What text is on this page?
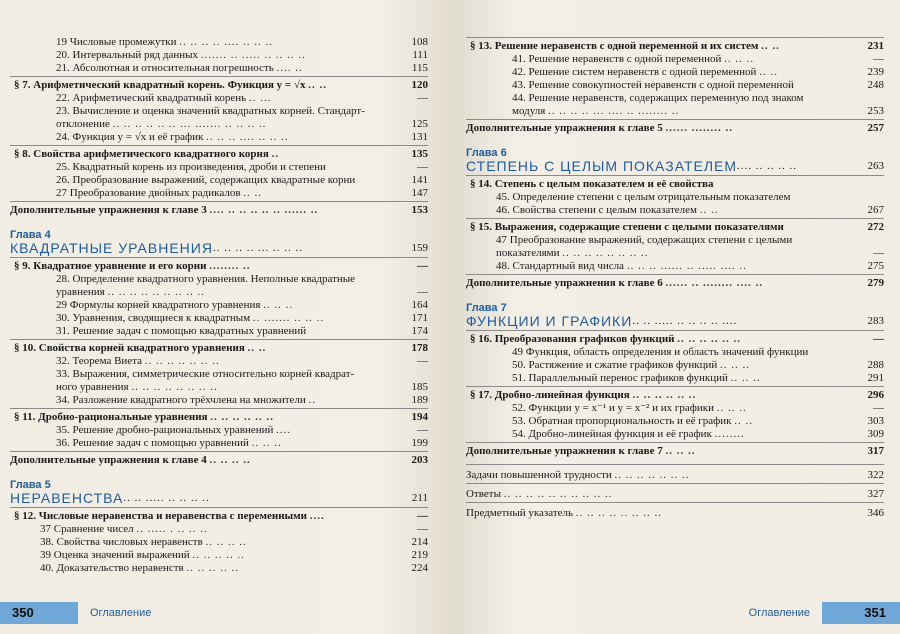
19 Числовые промежутки .. .. .. .. .... .. .. ..	108
20. Интервальный ряд данных ....... .. ..... .. .. .. ..	111
21. Абсолютная и относительная погрешность .... ..	115
§ 7. Арифметический квадратный корень. Функция y = √x .. ..	120
22. Арифметический квадратный корень .. ...	—
23. Вычисление и оценка значений квадратных корней. Стандарт-
отклонение .. .. .. .. .. .. ... ....... .. .. .. ..	125
24. Функция y = √x и её график .. .. .. .... .. .. ..	131
§ 8. Свойства арифметического квадратного корня ..	135
25. Квадратный корень из произведения, дроби и степени	—
26. Преобразование выражений, содержащих квадратные корни	141
27 Преобразование двойных радикалов .. ..	147
Дополнительные упражнения к главе 3 .... .. .. .. .. .. ...... ..	153
Глава 4
КВАДРАТНЫЕ УРАВНЕНИЯ .. .. .. .. ... .. .. ..	159
§ 9. Квадратное уравнение и его корни ........ ..	—
28. Определение квадратного уравнения. Неполные квадратные
уравнения .. .. .. .. .. .. .. .. ..	—
29 Формулы корней квадратного уравнения .. .. ..	164
30. Уравнения, сводящиеся к квадратным .. ....... .. .. ..	171
31. Решение задач с помощью квадратных уравнений	174
§ 10. Свойства корней квадратного уравнения .. ..	178
32. Теорема Виета .. .. .. .. .. .. ..	—
33. Выражения, симметрические относительно корней квадрат-
ного уравнения .. .. .. .. .. .. .. ..	185
34. Разложение квадратного трёхчлена на множители ..	189
§ 11. Дробно-рациональные уравнения .. .. .. .. .. ..	194
35. Решение дробно-рациональных уравнений ....	—
36. Решение задач с помощью уравнений .. .. ..	199
Дополнительные упражнения к главе 4 .. .. .. ..	203
Глава 5
НЕРАВЕНСТВА .. .. ..... .. .. .. ..	211
§ 12. Числовые неравенства и неравенства с переменными ....	—
37 Сравнение чисел .. ..... . .. .. ..	—
38. Свойства числовых неравенств .. .. .. ..	214
39 Оценка значений выражений .. .. .. .. ..	219
40. Доказательство неравенств .. .. .. .. ..	224
350	Оглавление
§ 13. Решение неравенств с одной переменной и их систем .. ..	231
41. Решение неравенств с одной переменной .. .. ..	—
42. Решение систем неравенств с одной переменной .. ..	239
43. Решение совокупностей неравенств с одной переменной	248
44. Решение неравенств, содержащих переменную под знаком
модуля .. .. .. .. ... .... .. ........ ..	253
Дополнительные упражнения к главе 5 ...... ........ ..	257
Глава 6
СТЕПЕНЬ С ЦЕЛЫМ ПОКАЗАТЕЛЕМ .... .. .. .. ..	263
§ 14. Степень с целым показателем и её свойства
45. Определение степени с целым отрицательным показателем
46. Свойства степени с целым показателем .. ..	267
§ 15. Выражения, содержащие степени с целыми показателями	272
47 Преобразование выражений, содержащих степени с целыми
показателями .. .. .. .. .. .. .. ..	—
48. Стандартный вид числа .. .. .. ...... .. ..... .... ..	275
Дополнительные упражнения к главе 6 ...... .. ........ .... ..	279
Глава 7
ФУНКЦИИ И ГРАФИКИ .. .. ..... .. .. .. .. ....	283
§ 16. Преобразования графиков функций .. .. .. .. .. ..	—
49 Функция, область определения и область значений функции
50. Растяжение и сжатие графиков функций .. .. ..	288
51. Параллельный перенос графиков функций .. .. ..	291
§ 17. Дробно-линейная функция .. .. .. .. .. ..	296
52. Функции y = x⁻¹ и y = x⁻² и их графики .. .. ..	—
53. Обратная пропорциональность и её график .. ..	303
54. Дробно-линейная функция и её график ........	309
Дополнительные упражнения к главе 7 .. .. ..	317
Задачи повышенной трудности .. .. .. .. .. .. ..	322
Ответы .. .. .. .. .. .. .. .. .. ..	327
Предметный указатель .. .. .. .. .. .. .. ..	346
Оглавление	351
